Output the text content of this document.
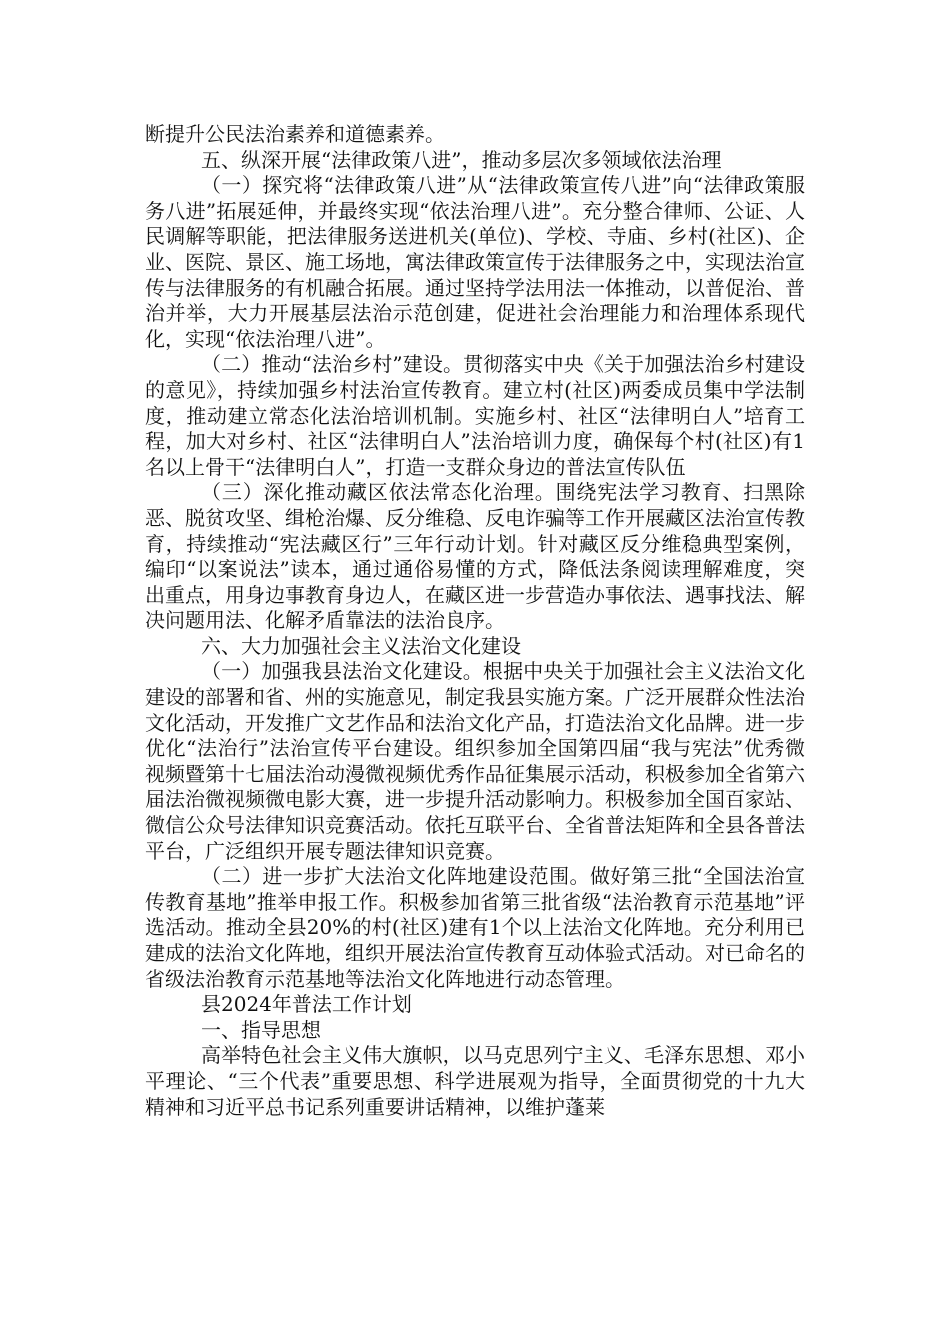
断提升公民法治素养和道德素养。

五、纵深开展“法律政策八进”，推动多层次多领域依法治理

（一）探究将“法律政策八进”从“法律政策宣传八进”向“法律政策服务八进”拓展延伸，并最终实现“依法治理八进”。充分整合律师、公证、人民调解等职能，把法律服务送进机关(单位)、学校、寺庙、乡村(社区)、企业、医院、景区、施工场地，寓法律政策宣传于法律服务之中，实现法治宣传与法律服务的有机融合拓展。通过坚持学法用法一体推动，以普促治、普治并举，大力开展基层法治示范创建，促进社会治理能力和治理体系现代化，实现“依法治理八进”。

（二）推动“法治乡村”建设。贯彻落实中央《关于加强法治乡村建设的意见》，持续加强乡村法治宣传教育。建立村(社区)两委成员集中学法制度，推动建立常态化法治培训机制。实施乡村、社区“法律明白人”培育工程，加大对乡村、社区“法律明白人”法治培训力度，确保每个村(社区)有1名以上骨干“法律明白人”，打造一支群众身边的普法宣传队伍

（三）深化推动藏区依法常态化治理。围绕宪法学习教育、扫黑除恶、脱贫攻坚、缉枪治爆、反分维稳、反电诈骗等工作开展藏区法治宣传教育，持续推动“宪法藏区行”三年行动计划。针对藏区反分维稳典型案例，编印“以案说法”读本，通过通俗易懂的方式，降低法条阅读理解难度，突出重点，用身边事教育身边人，在藏区进一步营造办事依法、遇事找法、解决问题用法、化解矛盾靠法的法治良序。

六、大力加强社会主义法治文化建设

（一）加强我县法治文化建设。根据中央关于加强社会主义法治文化建设的部署和省、州的实施意见，制定我县实施方案。广泛开展群众性法治文化活动，开发推广文艺作品和法治文化产品，打造法治文化品牌。进一步优化“法治行”法治宣传平台建设。组织参加全国第四届“我与宪法”优秀微视频暨第十七届法治动漫微视频优秀作品征集展示活动，积极参加全省第六届法治微视频微电影大赛，进一步提升活动影响力。积极参加全国百家站、微信公众号法律知识竞赛活动。依托互联平台、全省普法矩阵和全县各普法平台，广泛组织开展专题法律知识竞赛。

（二）进一步扩大法治文化阵地建设范围。做好第三批“全国法治宣传教育基地”推举申报工作。积极参加省第三批省级“法治教育示范基地”评选活动。推动全县20%的村(社区)建有1个以上法治文化阵地。充分利用已建成的法治文化阵地，组织开展法治宣传教育互动体验式活动。对已命名的省级法治教育示范基地等法治文化阵地进行动态管理。

县2024年普法工作计划

一、指导思想

高举特色社会主义伟大旗帜，以马克思列宁主义、毛泽东思想、邓小平理论、“三个代表”重要思想、科学进展观为指导，全面贯彻党的十九大精神和习近平总书记系列重要讲话精神，以维护蓬莱
